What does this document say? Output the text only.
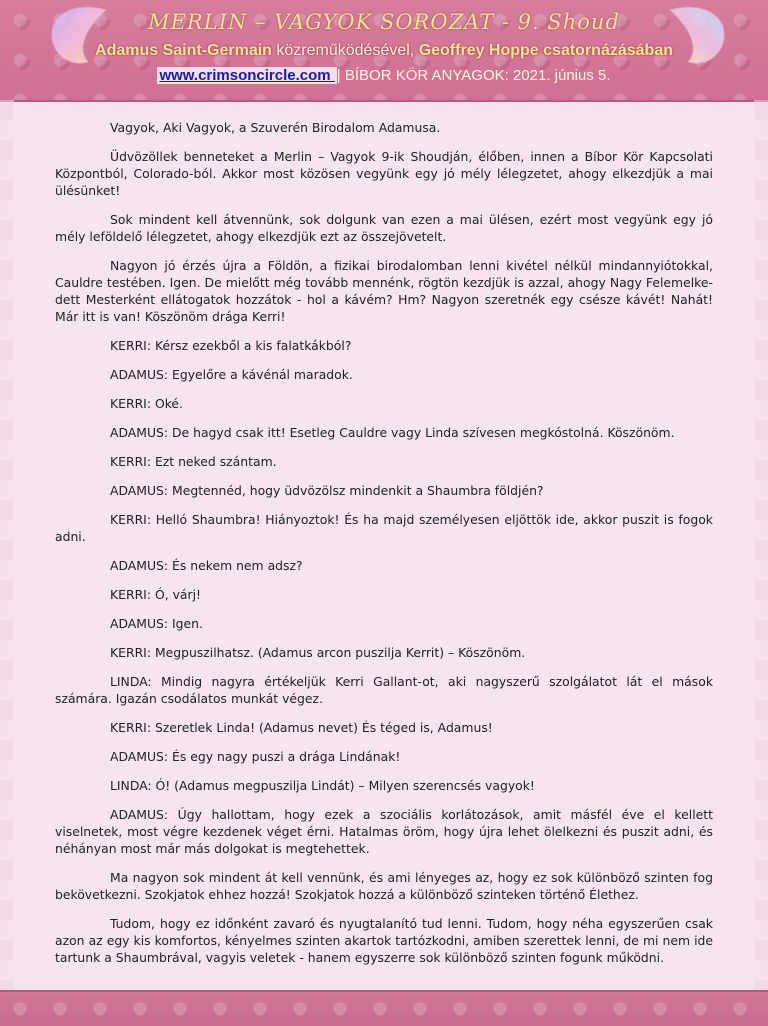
MERLIN – VAGYOK SOROZAT - 9. Shoud
Adamus Saint-Germain közreműködésével, Geoffrey Hoppe csatornázásában
www.crimsoncircle.com | BÍBOR KÖR ANYAGOK: 2021. június 5.

Vagyok, Aki Vagyok, a Szuverén Birodalom Adamusa.

Üdvözöllek benneteket a Merlin – Vagyok 9-ik Shoudján, élőben, innen a Bíbor Kör Kapcsolati Központból, Colorado-ból. Akkor most közösen vegyünk egy jó mély lélegzetet, ahogy elkezdjük a mai ülésünket!

Sok mindent kell átvennünk, sok dolgunk van ezen a mai ülésen, ezért most vegyünk egy jó mély leföldelő lélegzetet, ahogy elkezdjük ezt az összejövetelt.

Nagyon jó érzés újra a Földön, a fizikai birodalomban lenni kivétel nélkül mindannyiótokkal, Cauldre testében. Igen. De mielőtt még tovább mennénk, rögtön kezdjük is azzal, ahogy Nagy Felemelke-dett Mesterként ellátogatok hozzátok - hol a kávém? Hm? Nagyon szeretnék egy csésze kávét! Nahát! Már itt is van! Köszönöm drága Kerri!

KERRI: Kérsz ezekből a kis falatkákból?

ADAMUS: Egyelőre a kávénál maradok.

KERRI: Oké.

ADAMUS: De hagyd csak itt! Esetleg Cauldre vagy Linda szívesen megkóstolná. Köszönöm.

KERRI: Ezt neked szántam.

ADAMUS: Megtennéd, hogy üdvözölsz mindenkit a Shaumbra földjén?

KERRI: Helló Shaumbra! Hiányoztok! És ha majd személyesen eljöttök ide, akkor puszit is fogok adni.

ADAMUS: És nekem nem adsz?

KERRI: Ó, várj!

ADAMUS: Igen.

KERRI: Megpuszilhatsz. (Adamus arcon puszilja Kerrit) – Köszönöm.

LINDA: Mindig nagyra értékeljük Kerri Gallant-ot, aki nagyszerű szolgálatot lát el mások számára. Igazán csodálatos munkát végez.

KERRI: Szeretlek Linda! (Adamus nevet) És téged is, Adamus!

ADAMUS: És egy nagy puszi a drága Lindának!

LINDA: Ó! (Adamus megpuszilja Lindát) – Milyen szerencsés vagyok!

ADAMUS: Úgy hallottam, hogy ezek a szociális korlátozások, amit másfél éve el kellett viselnetek, most végre kezdenek véget érni. Hatalmas öröm, hogy újra lehet ölelkezni és puszit adni, és néhányan most már más dolgokat is megtehettek.

Ma nagyon sok mindent át kell vennünk, és ami lényeges az, hogy ez sok különböző szinten fog bekövetkezni. Szokjatok ehhez hozzá! Szokjatok hozzá a különböző szinteken történő Élethez.

Tudom, hogy ez időnként zavaró és nyugtalanító tud lenni. Tudom, hogy néha egyszerűen csak azon az egy kis komfortos, kényelmes szinten akartok tartózkodni, amiben szerettek lenni, de mi nem ide tartunk a Shaumbrával, vagyis veletek - hanem egyszerre sok különböző szinten fogunk működni.
